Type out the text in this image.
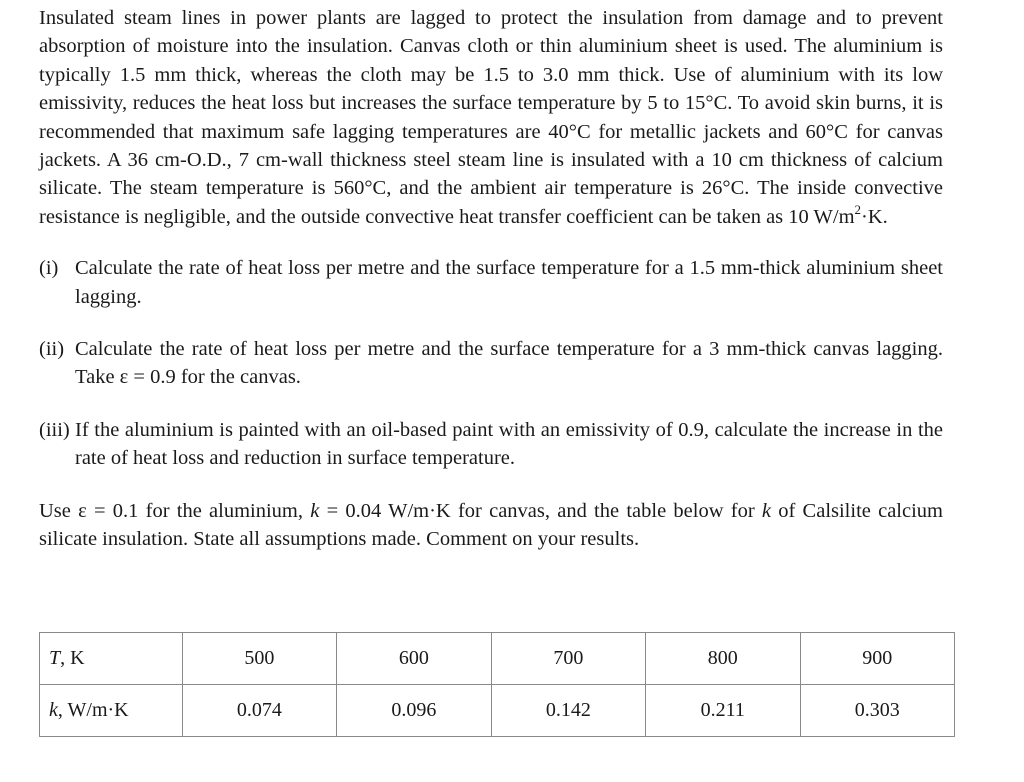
Insulated steam lines in power plants are lagged to protect the insulation from damage and to prevent absorption of moisture into the insulation. Canvas cloth or thin aluminium sheet is used. The aluminium is typically 1.5 mm thick, whereas the cloth may be 1.5 to 3.0 mm thick. Use of aluminium with its low emissivity, reduces the heat loss but increases the surface temperature by 5 to 15°C. To avoid skin burns, it is recommended that maximum safe lagging temperatures are 40°C for metallic jackets and 60°C for canvas jackets. A 36 cm-O.D., 7 cm-wall thickness steel steam line is insulated with a 10 cm thickness of calcium silicate. The steam temperature is 560°C, and the ambient air temperature is 26°C. The inside convective resistance is negligible, and the outside convective heat transfer coefficient can be taken as 10 $W/m^2\cdot K$.

(i) Calculate the rate of heat loss per metre and the surface temperature for a 1.5 mm-thick aluminium sheet lagging.
(ii) Calculate the rate of heat loss per metre and the surface temperature for a 3 mm-thick canvas lagging. Take ε = 0.9 for the canvas.
(iii) If the aluminium is painted with an oil-based paint with an emissivity of 0.9, calculate the increase in the rate of heat loss and reduction in surface temperature.

Use ε = 0.1 for the aluminium, k = 0.04 W/m·K for canvas, and the table below for k of Calsilite calcium silicate insulation. State all assumptions made. Comment on your results.

T, K	500	600	700	800	900
k, W/m·K	0.074	0.096	0.142	0.211	0.303
